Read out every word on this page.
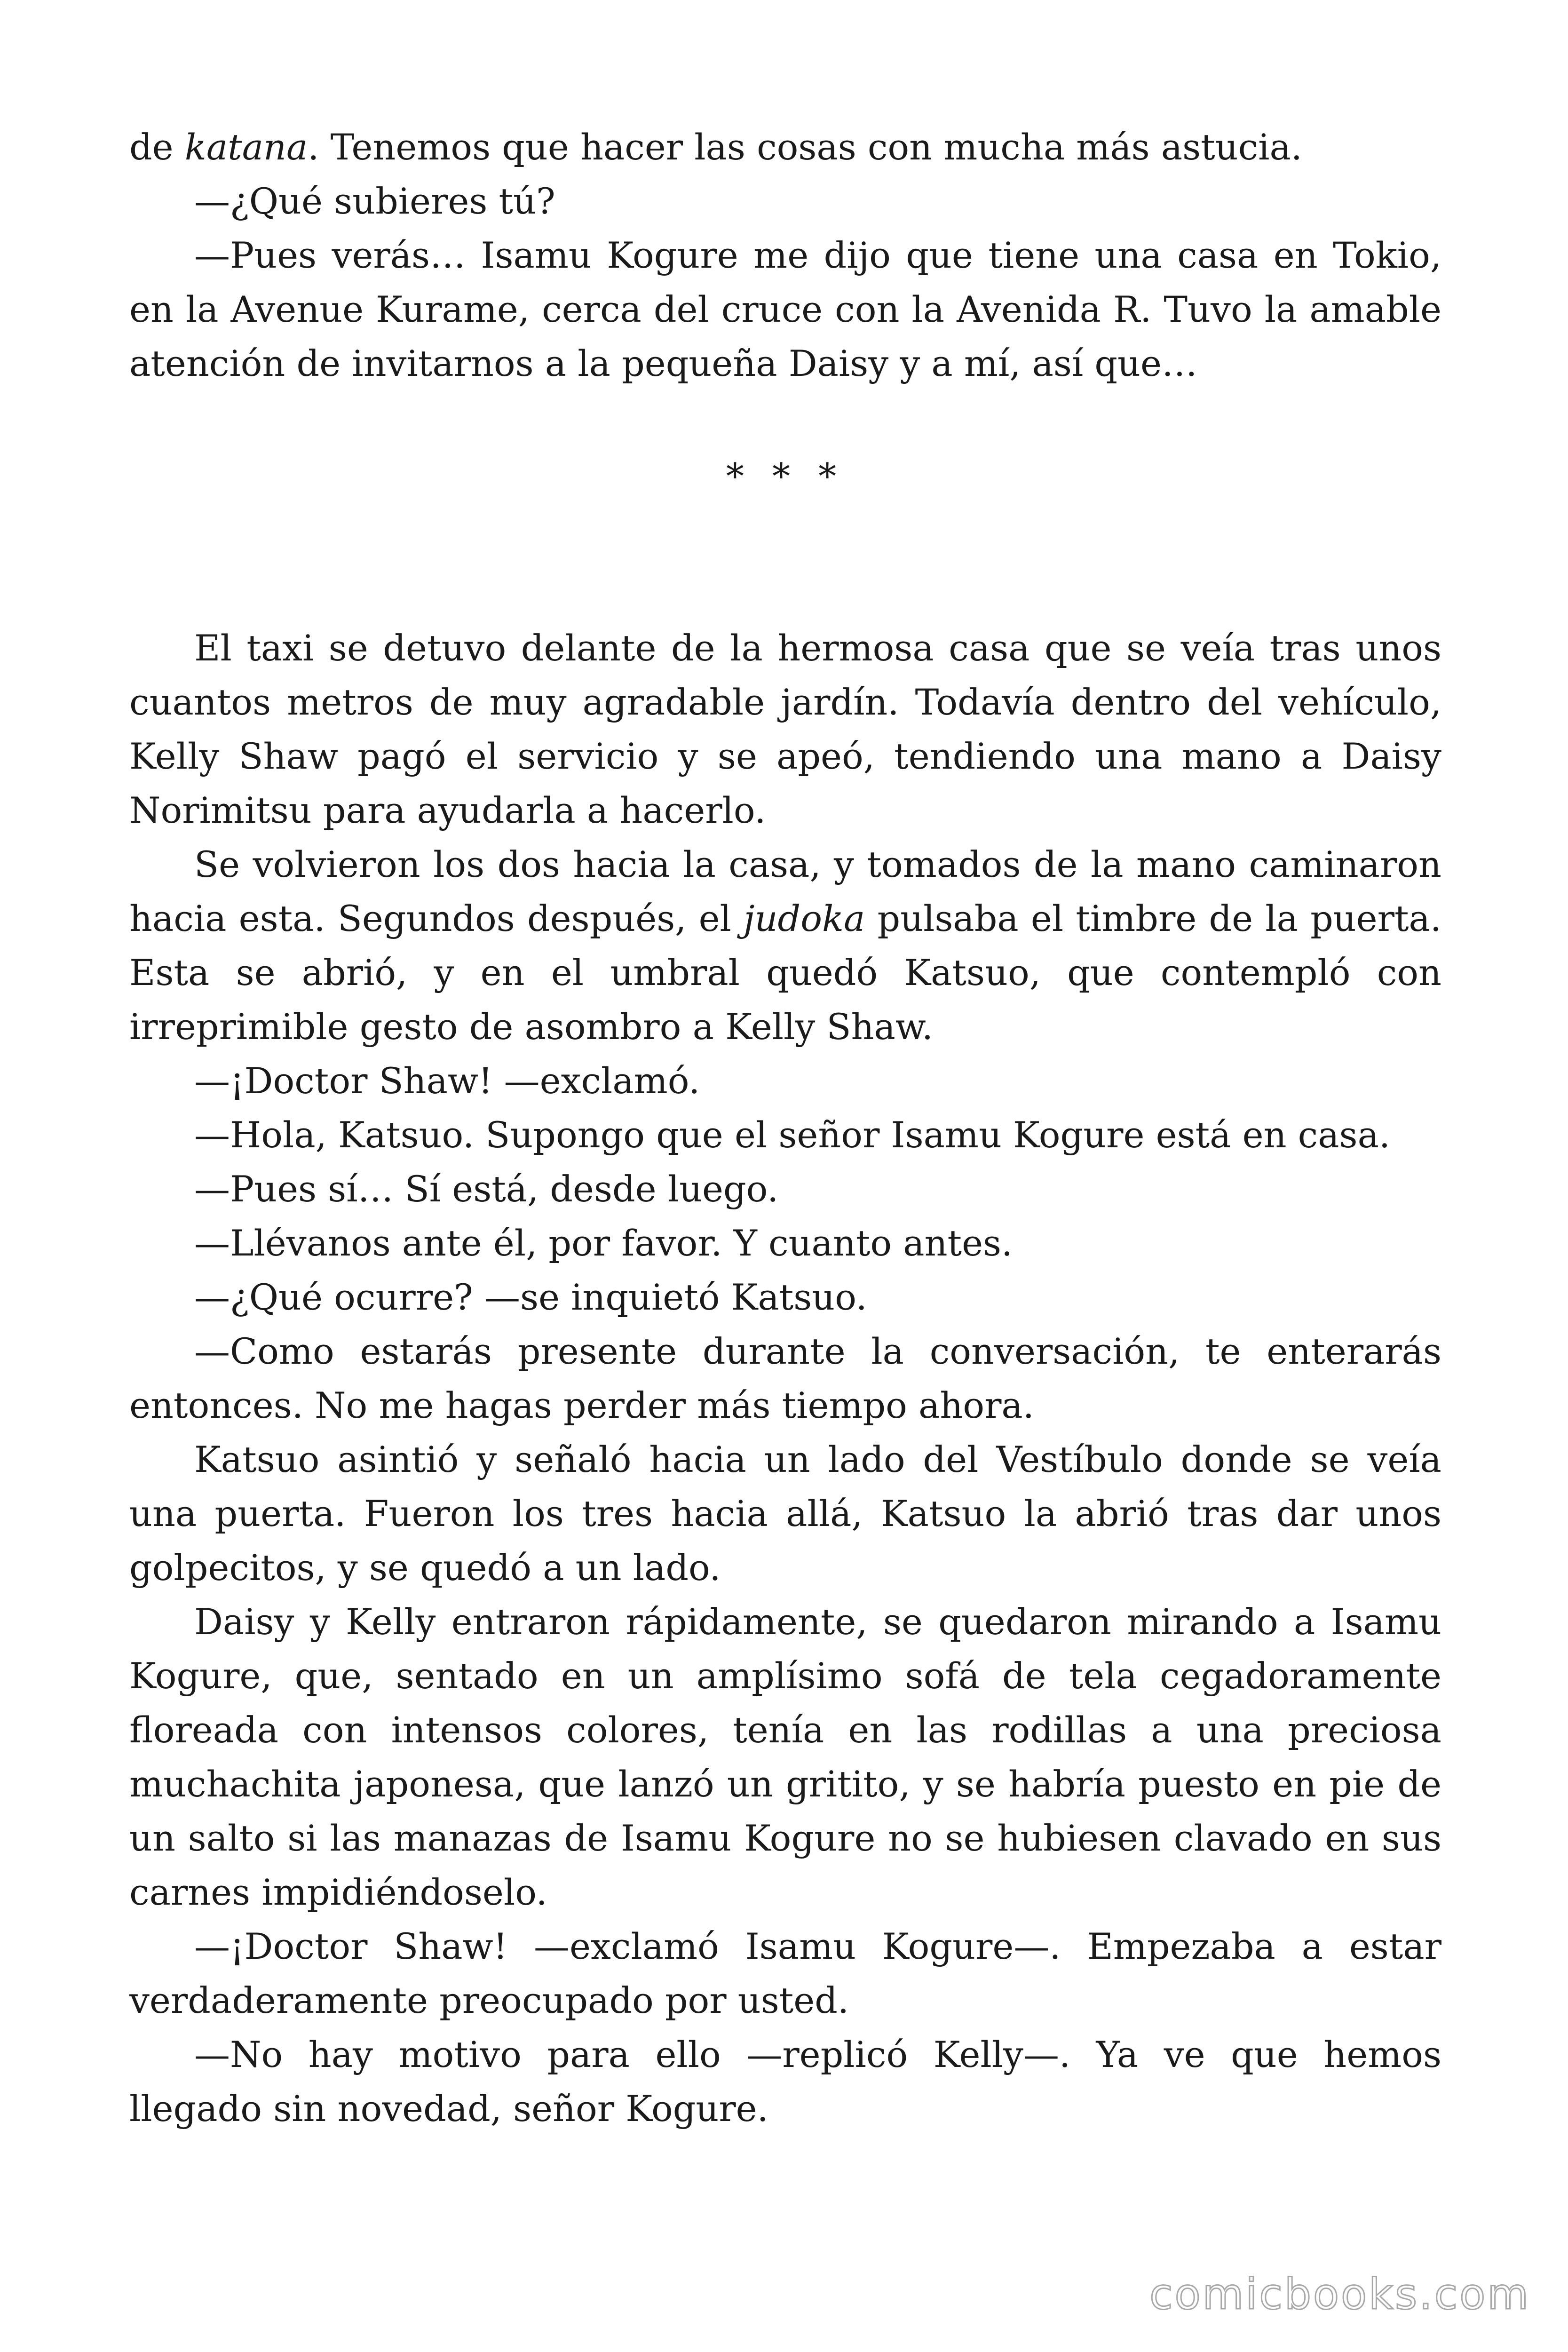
de katana. Tenemos que hacer las cosas con mucha más astucia.

—¿Qué subieres tú?

—Pues verás… Isamu Kogure me dijo que tiene una casa en Tokio, en la Avenue Kurame, cerca del cruce con la Avenida R. Tuvo la amable atención de invitarnos a la pequeña Daisy y a mí, así que…

* * *

El taxi se detuvo delante de la hermosa casa que se veía tras unos cuantos metros de muy agradable jardín. Todavía dentro del vehículo, Kelly Shaw pagó el servicio y se apeó, tendiendo una mano a Daisy Norimitsu para ayudarla a hacerlo.

Se volvieron los dos hacia la casa, y tomados de la mano caminaron hacia esta. Segundos después, el judoka pulsaba el timbre de la puerta. Esta se abrió, y en el umbral quedó Katsuo, que contempló con irreprimible gesto de asombro a Kelly Shaw.

—¡Doctor Shaw! —exclamó.

—Hola, Katsuo. Supongo que el señor Isamu Kogure está en casa.

—Pues sí… Sí está, desde luego.

—Llévanos ante él, por favor. Y cuanto antes.

—¿Qué ocurre? —se inquietó Katsuo.

—Como estarás presente durante la conversación, te enterarás entonces. No me hagas perder más tiempo ahora.

Katsuo asintió y señaló hacia un lado del Vestíbulo donde se veía una puerta. Fueron los tres hacia allá, Katsuo la abrió tras dar unos golpecitos, y se quedó a un lado.

Daisy y Kelly entraron rápidamente, se quedaron mirando a Isamu Kogure, que, sentado en un amplísimo sofá de tela cegadoramente floreada con intensos colores, tenía en las rodillas a una preciosa muchachita japonesa, que lanzó un gritito, y se habría puesto en pie de un salto si las manazas de Isamu Kogure no se hubiesen clavado en sus carnes impidiéndoselo.

—¡Doctor Shaw! —exclamó Isamu Kogure—. Empezaba a estar verdaderamente preocupado por usted.

—No hay motivo para ello —replicó Kelly—. Ya ve que hemos llegado sin novedad, señor Kogure.

comicbooks.com
